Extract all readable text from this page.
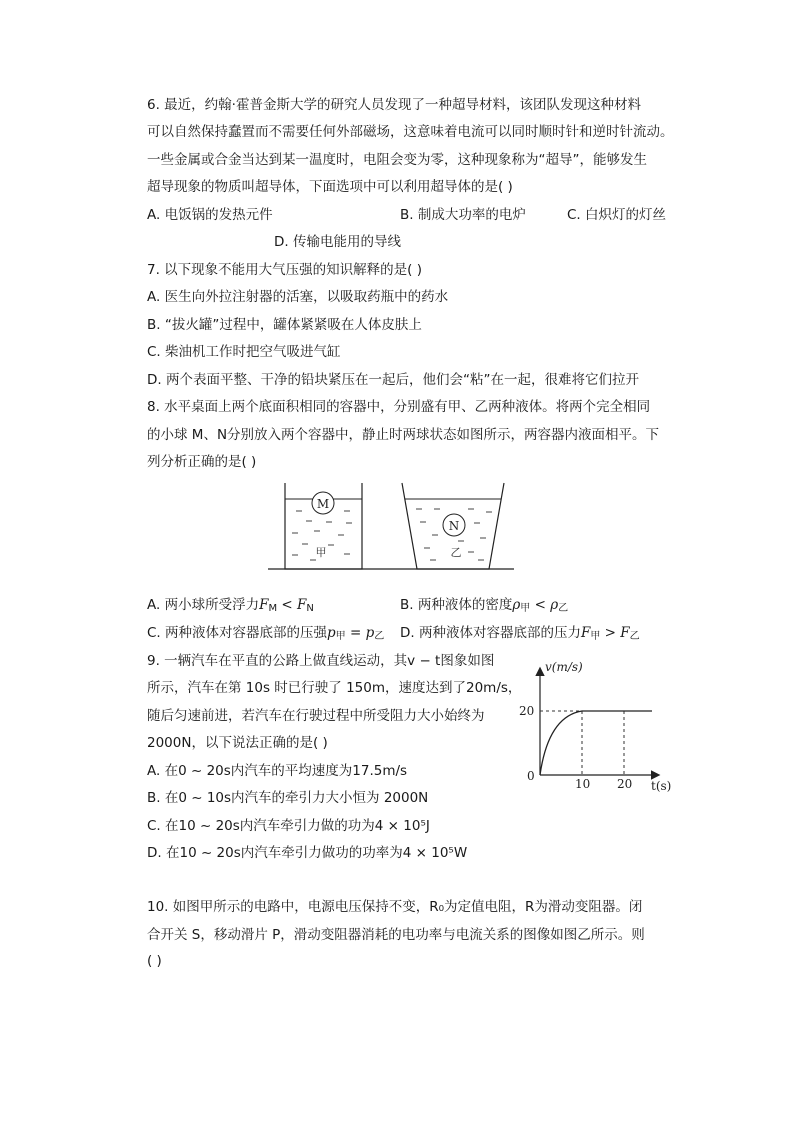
6. 最近，约翰·霍普金斯大学的研究人员发现了一种超导材料，该团队发现这种材料
可以自然保持蠢置而不需要任何外部磁场，这意味着电流可以同时顺时针和逆时针流动。
一些金属或合金当达到某一温度时，电阻会变为零，这种现象称为“超导”，能够发生
超导现象的物质叫超导体，下面选项中可以利用超导体的是( )
A. 电饭锅的发热元件	B. 制成大功率的电炉	C. 白炽灯的灯丝
D. 传输电能用的导线
7. 以下现象不能用大气压强的知识解释的是( )
A. 医生向外拉注射器的活塞，以吸取药瓶中的药水
B. “拔火罐”过程中，罐体紧紧吸在人体皮肤上
C. 柴油机工作时把空气吸进气缸
D. 两个表面平整、干净的铅块紧压在一起后，他们会“粘”在一起，很难将它们拉开
8. 水平桌面上两个底面积相同的容器中，分别盛有甲、乙两种液体。将两个完全相同
的小球 M、N分别放入两个容器中，静止时两球状态如图所示，两容器内液面相平。下
列分析正确的是( )
M
甲
N
乙
A. 两小球所受浮力$F_M < F_N$	B. 两种液体的密度$\rho_甲 < \rho_乙$
C. 两种液体对容器底部的压强$p_甲 = p_乙$ D. 两种液体对容器底部的压力$F_甲 > F_乙$
9. 一辆汽车在平直的公路上做直线运动，其v − t图象如图
所示，汽车在第 10s 时已行驶了 150m，速度达到了20m/s，
随后匀速前进，若汽车在行驶过程中所受阻力大小始终为
2000N，以下说法正确的是( )
A. 在0 ~ 20s内汽车的平均速度为17.5m/s
B. 在0 ~ 10s内汽车的牵引力大小恒为 2000N
C. 在10 ~ 20s内汽车牵引力做的功为4 × 10⁵J
D. 在10 ~ 20s内汽车牵引力做功的功率为4 × 10⁵W
v(m/s)
t(s)
0
20
10 20
10. 如图甲所示的电路中，电源电压保持不变，R₀为定值电阻，R为滑动变阻器。闭
合开关 S，移动滑片 P，滑动变阻器消耗的电功率与电流关系的图像如图乙所示。则
( )
